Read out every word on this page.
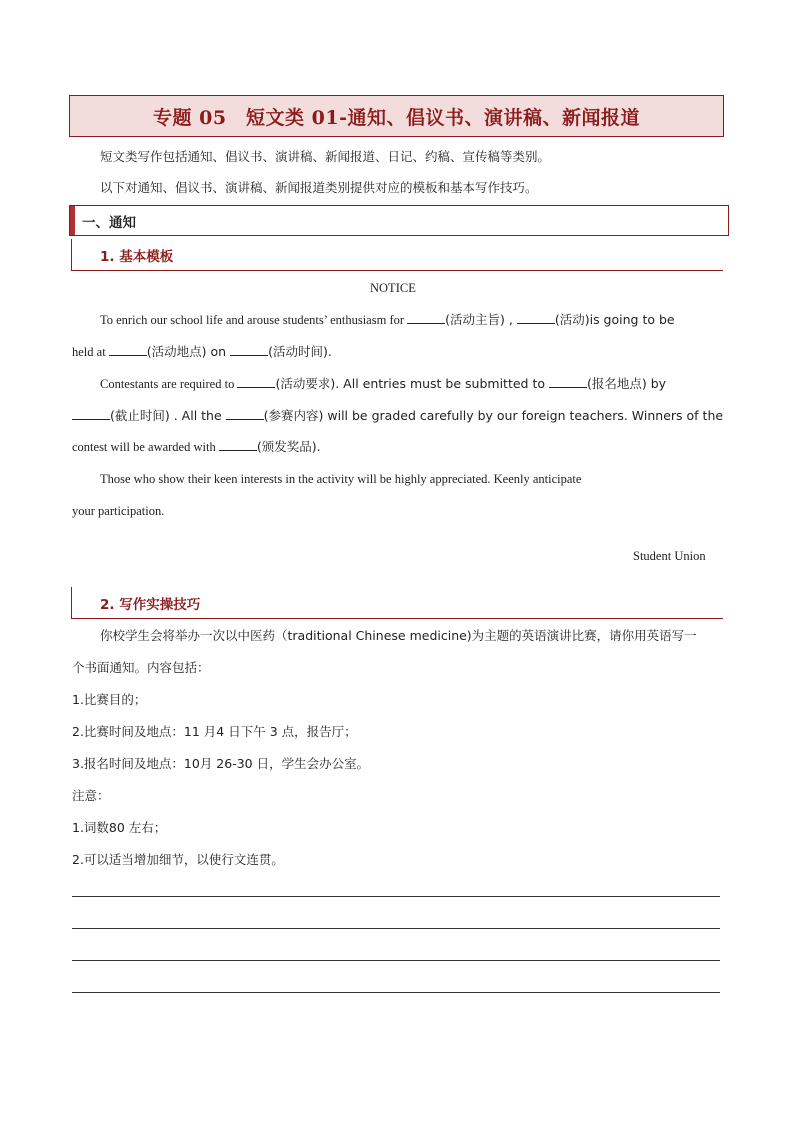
专题 05　短文类 01-通知、倡议书、演讲稿、新闻报道
短文类写作包括通知、倡议书、演讲稿、新闻报道、日记、约稿、宣传稿等类别。
以下对通知、倡议书、演讲稿、新闻报道类别提供对应的模板和基本写作技巧。
一、通知
1. 基本模板
NOTICE
To enrich our school life and arouse students’ enthusiasm for	(活动主旨) ,	(活动)is going to be
held at	(活动地点) on	(活动时间).
Contestants are required to	(活动要求). All entries must be submitted to	(报名地点) by
(截止时间) . All the	(参赛内容) will be graded carefully by our foreign teachers. Winners of the
contest will be awarded with	(颁发奖品).
Those who show their keen interests in the activity will be highly appreciated. Keenly anticipate
your participation.
Student Union
2. 写作实操技巧
你校学生会将举办一次以中医药（traditional Chinese medicine)为主题的英语演讲比赛，请你用英语写一
个书面通知。内容包括：
1.比赛目的；
2.比赛时间及地点：11 月4 日下午 3 点，报告厅；
3.报名时间及地点：10月 26-30 日，学生会办公室。
注意：
1.词数80 左右；
2.可以适当增加细节，以使行文连贯。
